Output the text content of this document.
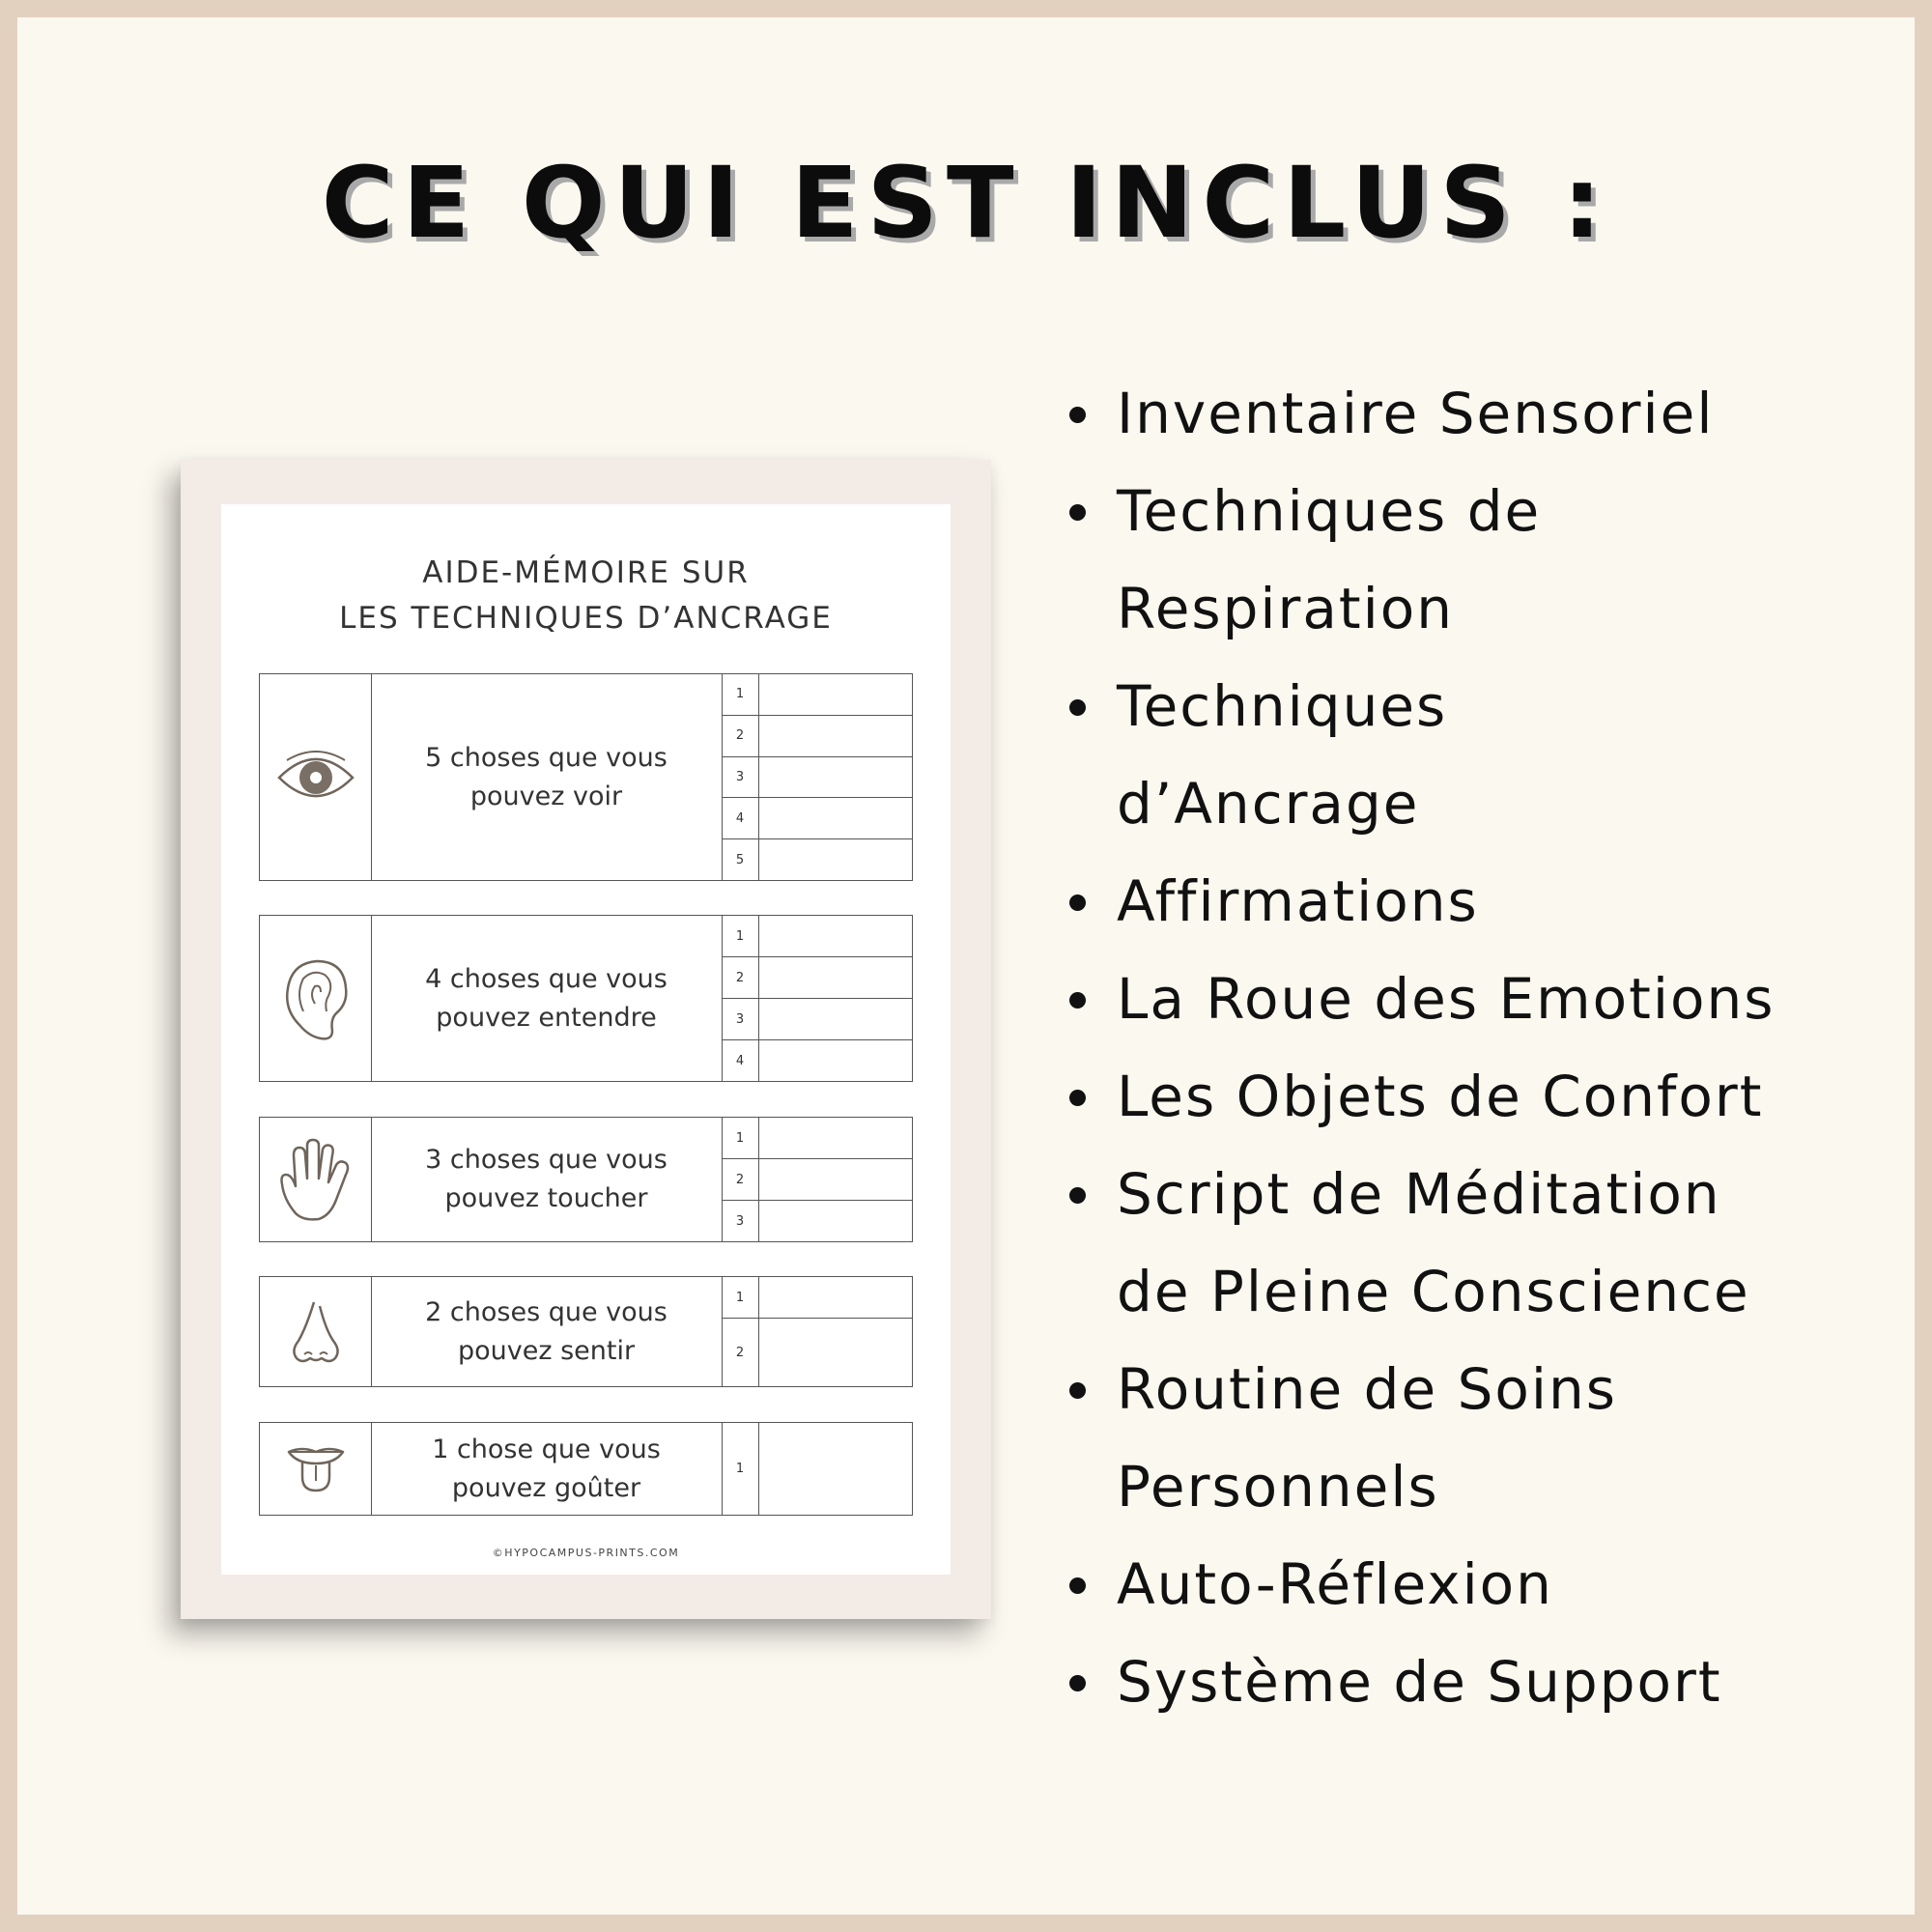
CE QUI EST INCLUS :
AIDE-MÉMOIRE SUR
LES TECHNIQUES D’ANCRAGE
5 choses que vous
pouvez voir
1
2
3
4
5
4 choses que vous
pouvez entendre
1
2
3
4
3 choses que vous
pouvez toucher
1
2
3
2 choses que vous
pouvez sentir
1
2
1 chose que vous
pouvez goûter
1
©HYPOCAMPUS-PRINTS.COM
Inventaire Sensoriel
Techniques de
Respiration
Techniques
d’Ancrage
Affirmations
La Roue des Emotions
Les Objets de Confort
Script de Méditation
de Pleine Conscience
Routine de Soins
Personnels
Auto-Réflexion
Système de Support
